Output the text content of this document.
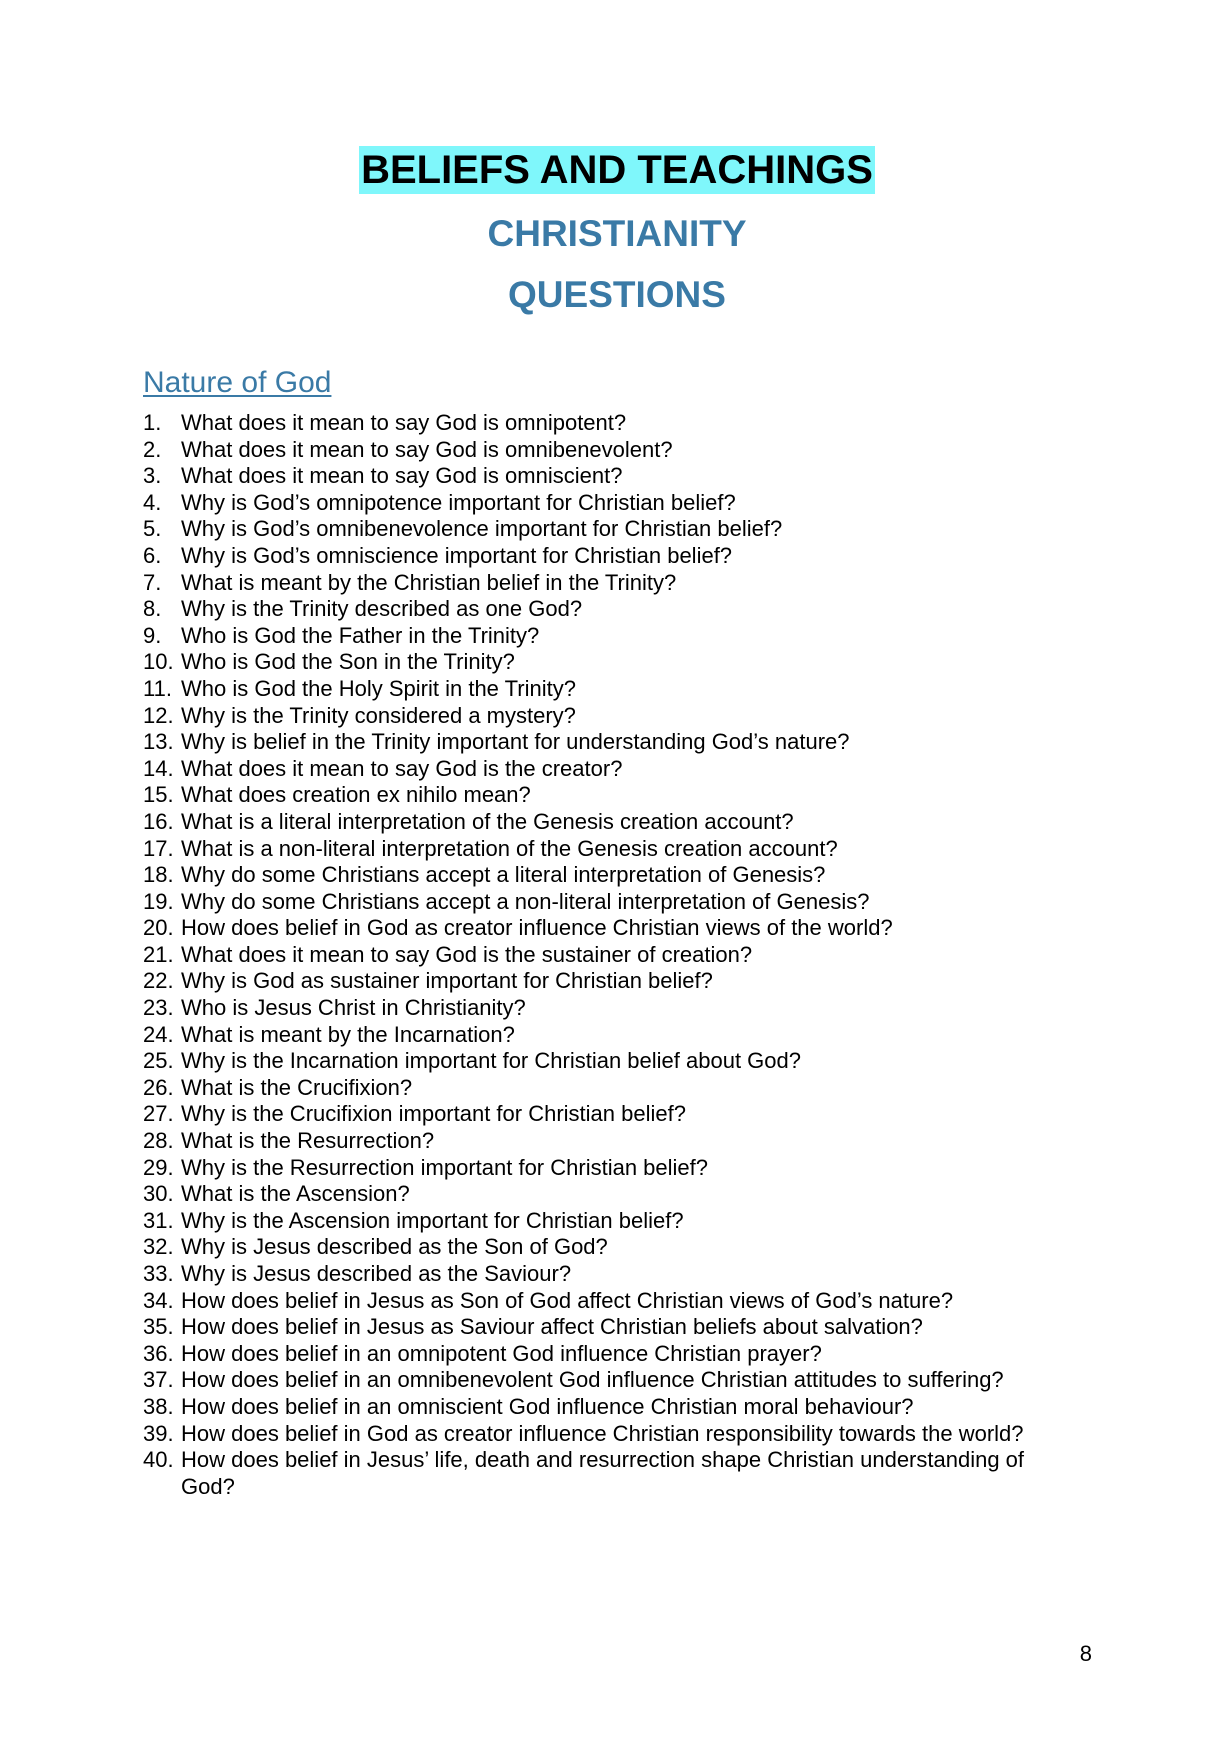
BELIEFS AND TEACHINGS
CHRISTIANITY
QUESTIONS
Nature of God
1. What does it mean to say God is omnipotent?
2. What does it mean to say God is omnibenevolent?
3. What does it mean to say God is omniscient?
4. Why is God’s omnipotence important for Christian belief?
5. Why is God’s omnibenevolence important for Christian belief?
6. Why is God’s omniscience important for Christian belief?
7. What is meant by the Christian belief in the Trinity?
8. Why is the Trinity described as one God?
9. Who is God the Father in the Trinity?
10. Who is God the Son in the Trinity?
11. Who is God the Holy Spirit in the Trinity?
12. Why is the Trinity considered a mystery?
13. Why is belief in the Trinity important for understanding God’s nature?
14. What does it mean to say God is the creator?
15. What does creation ex nihilo mean?
16. What is a literal interpretation of the Genesis creation account?
17. What is a non-literal interpretation of the Genesis creation account?
18. Why do some Christians accept a literal interpretation of Genesis?
19. Why do some Christians accept a non-literal interpretation of Genesis?
20. How does belief in God as creator influence Christian views of the world?
21. What does it mean to say God is the sustainer of creation?
22. Why is God as sustainer important for Christian belief?
23. Who is Jesus Christ in Christianity?
24. What is meant by the Incarnation?
25. Why is the Incarnation important for Christian belief about God?
26. What is the Crucifixion?
27. Why is the Crucifixion important for Christian belief?
28. What is the Resurrection?
29. Why is the Resurrection important for Christian belief?
30. What is the Ascension?
31. Why is the Ascension important for Christian belief?
32. Why is Jesus described as the Son of God?
33. Why is Jesus described as the Saviour?
34. How does belief in Jesus as Son of God affect Christian views of God’s nature?
35. How does belief in Jesus as Saviour affect Christian beliefs about salvation?
36. How does belief in an omnipotent God influence Christian prayer?
37. How does belief in an omnibenevolent God influence Christian attitudes to suffering?
38. How does belief in an omniscient God influence Christian moral behaviour?
39. How does belief in God as creator influence Christian responsibility towards the world?
40. How does belief in Jesus’ life, death and resurrection shape Christian understanding of God?
8
